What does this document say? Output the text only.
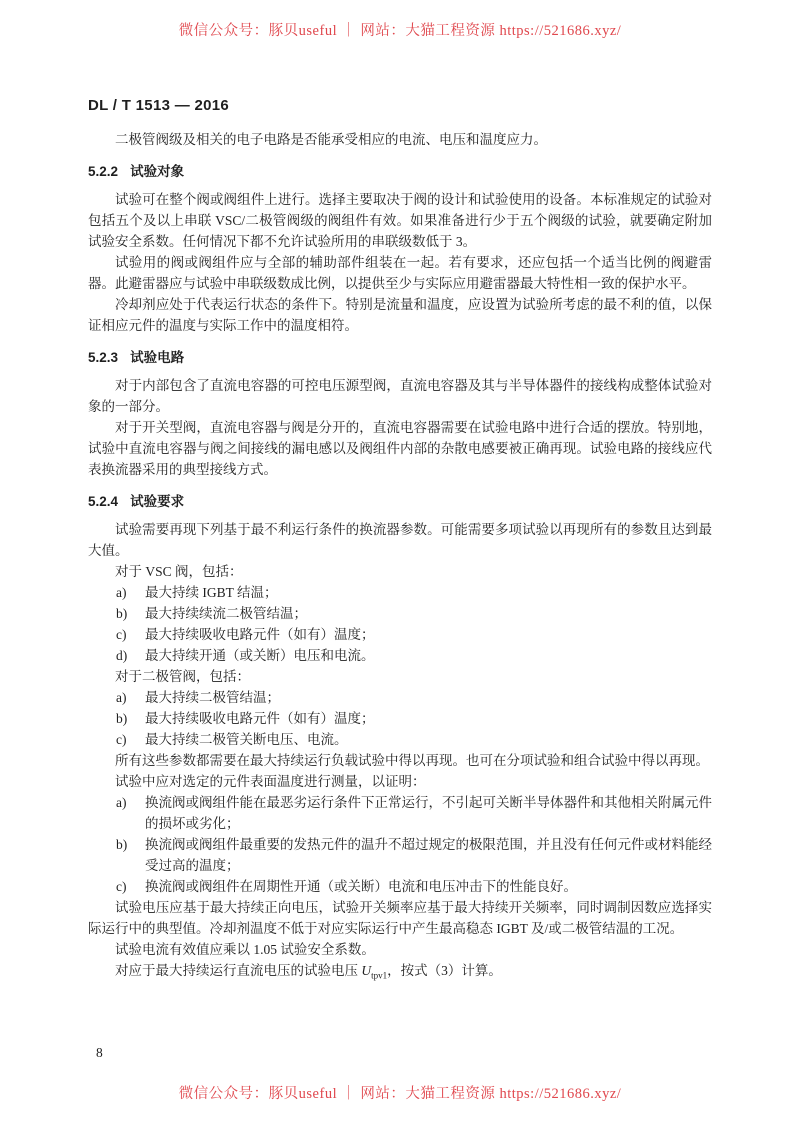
微信公众号：豚贝useful ｜ 网站：大猫工程资源 https://521686.xyz/
DL / T 1513 — 2016

二极管阀级及相关的电子电路是否能承受相应的电流、电压和温度应力。

5.2.2 试验对象

试验可在整个阀或阀组件上进行。选择主要取决于阀的设计和试验使用的设备。本标准规定的试验对包括五个及以上串联 VSC/二极管阀级的阀组件有效。如果准备进行少于五个阀级的试验，就要确定附加试验安全系数。任何情况下都不允许试验所用的串联级数低于 3。

试验用的阀或阀组件应与全部的辅助部件组装在一起。若有要求，还应包括一个适当比例的阀避雷器。此避雷器应与试验中串联级数成比例，以提供至少与实际应用避雷器最大特性相一致的保护水平。

冷却剂应处于代表运行状态的条件下。特别是流量和温度，应设置为试验所考虑的最不利的值，以保证相应元件的温度与实际工作中的温度相符。

5.2.3 试验电路

对于内部包含了直流电容器的可控电压源型阀，直流电容器及其与半导体器件的接线构成整体试验对象的一部分。

对于开关型阀，直流电容器与阀是分开的，直流电容器需要在试验电路中进行合适的摆放。特别地，试验中直流电容器与阀之间接线的漏电感以及阀组件内部的杂散电感要被正确再现。试验电路的接线应代表换流器采用的典型接线方式。

5.2.4 试验要求

试验需要再现下列基于最不利运行条件的换流器参数。可能需要多项试验以再现所有的参数且达到最大值。

对于 VSC 阀，包括：

a) 最大持续 IGBT 结温；
b) 最大持续续流二极管结温；
c) 最大持续吸收电路元件（如有）温度；
d) 最大持续开通（或关断）电压和电流。

对于二极管阀，包括：

a) 最大持续二极管结温；
b) 最大持续吸收电路元件（如有）温度；
c) 最大持续二极管关断电压、电流。

所有这些参数都需要在最大持续运行负载试验中得以再现。也可在分项试验和组合试验中得以再现。

试验中应对选定的元件表面温度进行测量，以证明：

a) 换流阀或阀组件能在最恶劣运行条件下正常运行，不引起可关断半导体器件和其他相关附属元件的损坏或劣化；
b) 换流阀或阀组件最重要的发热元件的温升不超过规定的极限范围，并且没有任何元件或材料能经受过高的温度；
c) 换流阀或阀组件在周期性开通（或关断）电流和电压冲击下的性能良好。

试验电压应基于最大持续正向电压，试验开关频率应基于最大持续开关频率，同时调制因数应选择实际运行中的典型值。冷却剂温度不低于对应实际运行中产生最高稳态 IGBT 及/或二极管结温的工况。

试验电流有效值应乘以 1.05 试验安全系数。

对应于最大持续运行直流电压的试验电压 $U_{tpv1}$，按式（3）计算。

8
微信公众号：豚贝useful ｜ 网站：大猫工程资源 https://521686.xyz/
